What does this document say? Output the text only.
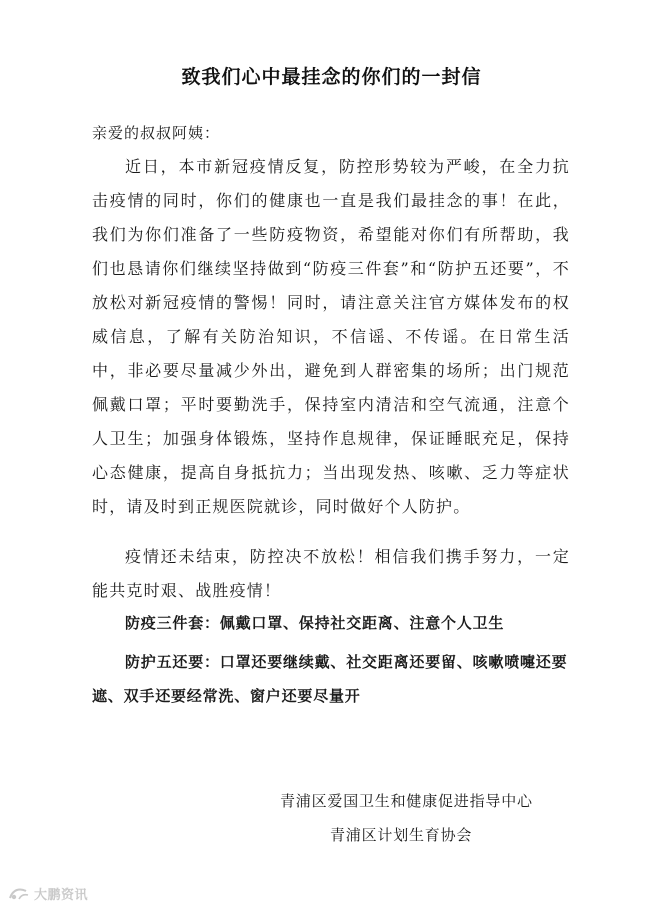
致我们心中最挂念的你们的一封信
亲爱的叔叔阿姨：

近日，本市新冠疫情反复，防控形势较为严峻，在全力抗击疫情的同时，你们的健康也一直是我们最挂念的事！在此，我们为你们准备了一些防疫物资，希望能对你们有所帮助，我们也恳请你们继续坚持做到“防疫三件套”和“防护五还要”，不放松对新冠疫情的警惕！同时，请注意关注官方媒体发布的权威信息，了解有关防治知识，不信谣、不传谣。在日常生活中，非必要尽量减少外出，避免到人群密集的场所；出门规范佩戴口罩；平时要勤洗手，保持室内清洁和空气流通，注意个人卫生；加强身体锻炼，坚持作息规律，保证睡眠充足，保持心态健康，提高自身抵抗力；当出现发热、咳嗽、乏力等症状时，请及时到正规医院就诊，同时做好个人防护。

疫情还未结束，防控决不放松！相信我们携手努力，一定能共克时艰、战胜疫情！

防疫三件套：佩戴口罩、保持社交距离、注意个人卫生

防护五还要：口罩还要继续戴、社交距离还要留、咳嗽喷嚏还要遮、双手还要经常洗、窗户还要尽量开

青浦区爱国卫生和健康促进指导中心
青浦区计划生育协会
大鹏资讯
